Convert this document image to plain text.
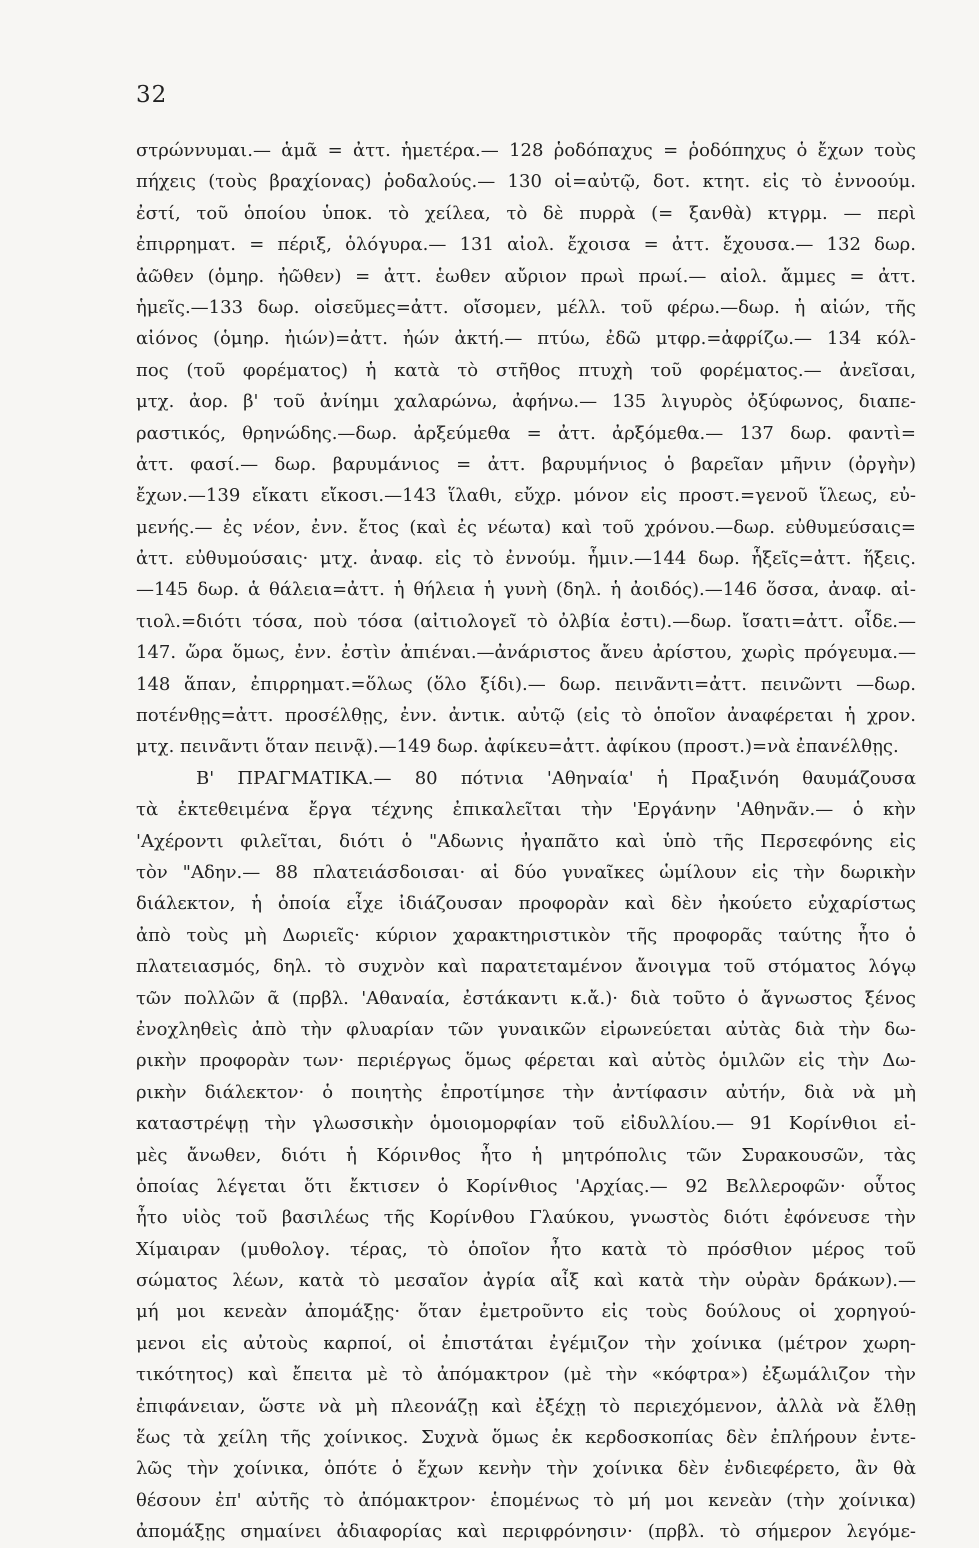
32
στρώννυμαι.— ἁμᾶ = ἀττ. ἡμετέρα.— 128 ῥοδόπαχυς = ῥοδόπηχυς ὁ ἔχων τοὺς
πήχεις (τοὺς βραχίονας) ῥοδαλούς.— 130 οἱ=αὐτῷ, δοτ. κτητ. εἰς τὸ ἐννοούμ.
ἐστί, τοῦ ὁποίου ὑποκ. τὸ χείλεα, τὸ δὲ πυρρὰ (= ξανθὰ) κτγρμ. — περὶ
ἐπιρρηματ. = πέριξ, ὁλόγυρα.— 131 αἰολ. ἔχοισα = ἀττ. ἔχουσα.— 132 δωρ.
ἀῶθεν (ὁμηρ. ἠῶθεν) = ἀττ. ἑωθεν αὔριον πρωὶ πρωί.— αἰολ. ἄμμες = ἀττ.
ἡμεῖς.—133 δωρ. οἰσεῦμες=ἀττ. οἴσομεν, μέλλ. τοῦ φέρω.—δωρ. ἡ αἰών, τῆς
αἰόνος (ὁμηρ. ἠιών)=ἀττ. ἠών ἀκτή.— πτύω, ἐδῶ μτφρ.=ἀφρίζω.— 134 κόλ-
πος (τοῦ φορέματος) ἡ κατὰ τὸ στῆθος πτυχὴ τοῦ φορέματος.— ἀνεῖσαι,
μτχ. ἀορ. β' τοῦ ἀνίημι χαλαρώνω, ἀφήνω.— 135 λιγυρὸς ὀξύφωνος, διαπε-
ραστικός, θρηνώδης.—δωρ. ἀρξεύμεθα = ἀττ. ἀρξόμεθα.— 137 δωρ. φαντὶ=
ἀττ. φασί.— δωρ. βαρυμάνιος = ἀττ. βαρυμήνιος ὁ βαρεῖαν μῆνιν (ὀργὴν)
ἔχων.—139 εἴκατι εἴκοσι.—143 ἵλαθι, εὔχρ. μόνον εἰς προστ.=γενοῦ ἵλεως, εὐ-
μενής.— ἐς νέον, ἐνν. ἔτος (καὶ ἐς νέωτα) καὶ τοῦ χρόνου.—δωρ. εὐθυμεύσαις=
ἀττ. εὐθυμούσαις· μτχ. ἀναφ. εἰς τὸ ἐννούμ. ἧμιν.—144 δωρ. ἧξεῖς=ἀττ. ἥξεις.
—145 δωρ. ἁ θάλεια=ἀττ. ἡ θήλεια ἡ γυνὴ (δηλ. ἡ ἀοιδός).—146 ὅσσα, ἀναφ. αἰ-
τιολ.=διότι τόσα, ποὺ τόσα (αἰτιολογεῖ τὸ ὀλβία ἐστι).—δωρ. ἴσατι=ἀττ. οἶδε.—
147. ὥρα ὅμως, ἐνν. ἐστὶν ἀπιέναι.—ἀνάριστος ἄνευ ἀρίστου, χωρὶς πρόγευμα.—
148 ἅπαν, ἐπιρρηματ.=ὅλως (ὅλο ξίδι).— δωρ. πεινᾶντι=ἀττ. πεινῶντι —δωρ.
ποτένθῃς=ἀττ. προσέλθῃς, ἐνν. ἀντικ. αὐτῷ (εἰς τὸ ὁποῖον ἀναφέρεται ἡ χρον.
μτχ. πεινᾶντι ὅταν πεινᾷ).—149 δωρ. ἀφίκευ=ἀττ. ἀφίκου (προστ.)=νὰ ἐπανέλθῃς.
Β' ΠΡΑΓΜΑΤΙΚΑ.— 80 πότνια 'Αθηναία' ἡ Πραξινόη θαυμάζουσα
τὰ ἐκτεθειμένα ἔργα τέχνης ἐπικαλεῖται τὴν 'Εργάνην 'Αθηνᾶν.— ὁ κὴν
'Αχέροντι φιλεῖται, διότι ὁ "Αδωνις ἠγαπᾶτο καὶ ὑπὸ τῆς Περσεφόνης εἰς
τὸν "Αδην.— 88 πλατειάσδοισαι· αἱ δύο γυναῖκες ὡμίλουν εἰς τὴν δωρικὴν
διάλεκτον, ἡ ὁποία εἶχε ἰδιάζουσαν προφορὰν καὶ δὲν ἠκούετο εὐχαρίστως
ἀπὸ τοὺς μὴ Δωριεῖς· κύριον χαρακτηριστικὸν τῆς προφορᾶς ταύτης ἦτο ὁ
πλατειασμός, δηλ. τὸ συχνὸν καὶ παρατεταμένον ἄνοιγμα τοῦ στόματος λόγῳ
τῶν πολλῶν ᾶ (πρβλ. 'Αθαναία, ἐστάκαντι κ.ἄ.)· διὰ τοῦτο ὁ ἄγνωστος ξένος
ἐνοχληθεὶς ἀπὸ τὴν φλυαρίαν τῶν γυναικῶν εἰρωνεύεται αὐτὰς διὰ τὴν δω-
ρικὴν προφορὰν των· περιέργως ὅμως φέρεται καὶ αὐτὸς ὁμιλῶν εἰς τὴν Δω-
ρικὴν διάλεκτον· ὁ ποιητὴς ἐπροτίμησε τὴν ἀντίφασιν αὐτήν, διὰ νὰ μὴ
καταστρέψῃ τὴν γλωσσικὴν ὁμοιομορφίαν τοῦ εἰδυλλίου.— 91 Κορίνθιοι εἰ-
μὲς ἄνωθεν, διότι ἡ Κόρινθος ἦτο ἡ μητρόπολις τῶν Συρακουσῶν, τὰς
ὁποίας λέγεται ὅτι ἔκτισεν ὁ Κορίνθιος 'Αρχίας.— 92 Βελλεροφῶν· οὗτος
ἦτο υἱὸς τοῦ βασιλέως τῆς Κορίνθου Γλαύκου, γνωστὸς διότι ἐφόνευσε τὴν
Χίμαιραν (μυθολογ. τέρας, τὸ ὁποῖον ἦτο κατὰ τὸ πρόσθιον μέρος τοῦ
σώματος λέων, κατὰ τὸ μεσαῖον ἀγρία αἶξ καὶ κατὰ τὴν οὐρὰν δράκων).—
μή μοι κενεὰν ἀπομάξῃς· ὅταν ἐμετροῦντο εἰς τοὺς δούλους οἱ χορηγού-
μενοι εἰς αὐτοὺς καρποί, οἱ ἐπιστάται ἐγέμιζον τὴν χοίνικα (μέτρον χωρη-
τικότητος) καὶ ἔπειτα μὲ τὸ ἀπόμακτρον (μὲ τὴν «κόφτρα») ἐξωμάλιζον τὴν
ἐπιφάνειαν, ὥστε νὰ μὴ πλεονάζῃ καὶ ἐξέχῃ τὸ περιεχόμενον, ἀλλὰ νὰ ἔλθῃ
ἕως τὰ χείλη τῆς χοίνικος. Συχνὰ ὅμως ἐκ κερδοσκοπίας δὲν ἐπλήρουν ἐντε-
λῶς τὴν χοίνικα, ὁπότε ὁ ἔχων κενὴν τὴν χοίνικα δὲν ἐνδιεφέρετο, ἂν θὰ
θέσουν ἐπ' αὐτῆς τὸ ἀπόμακτρον· ἑπομένως τὸ μή μοι κενεὰν (τὴν χοίνικα)
ἀπομάξῃς σημαίνει ἀδιαφορίας καὶ περιφρόνησιν· (πρβλ. τὸ σήμερον λεγόμε-
